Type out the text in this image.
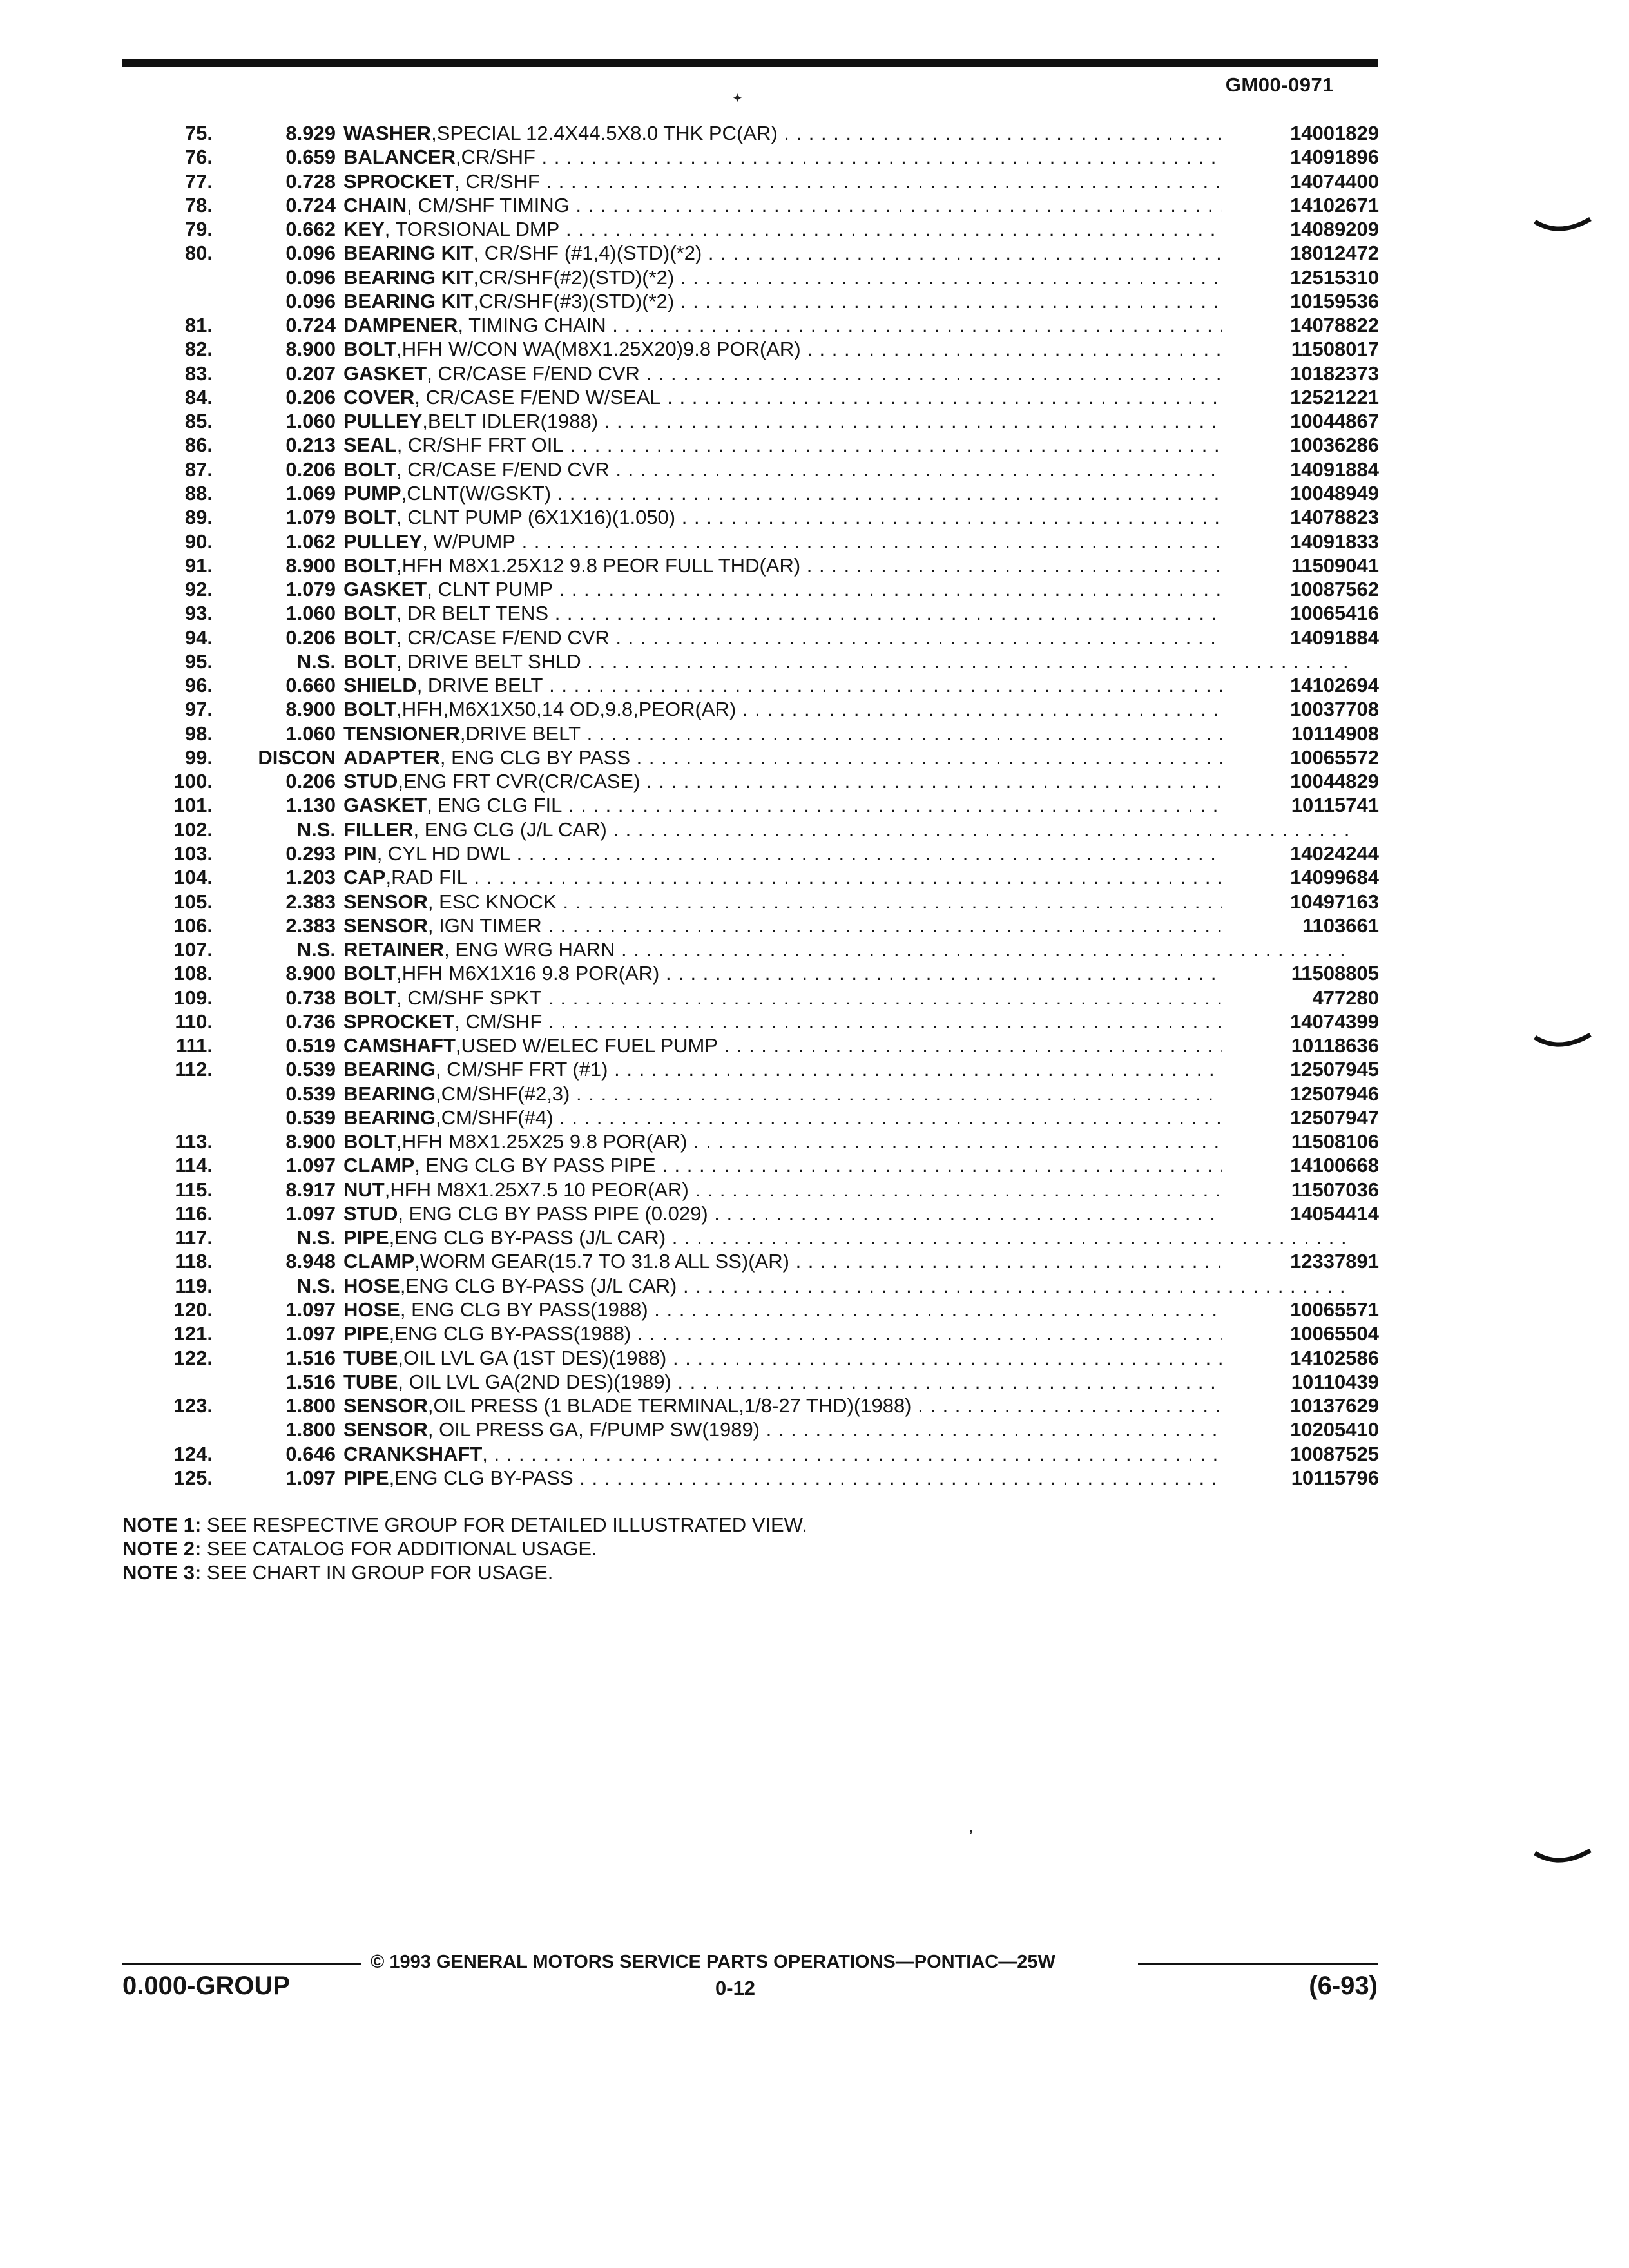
GM00-0971
✦
,
75.	8.929 WASHER,SPECIAL 12.4X44.5X8.0 THK PC(AR) . . .	14001829
76.	0.659 BALANCER,CR/SHF . . .	14091896
77.	0.728 SPROCKET, CR/SHF . . .	14074400
78.	0.724 CHAIN, CM/SHF TIMING . . .	14102671
79.	0.662 KEY, TORSIONAL DMP . . .	14089209
80.	0.096 BEARING KIT, CR/SHF (#1,4)(STD)(*2) . . .	18012472
0.096 BEARING KIT,CR/SHF(#2)(STD)(*2) . . .	12515310
0.096 BEARING KIT,CR/SHF(#3)(STD)(*2) . . .	10159536
81.	0.724 DAMPENER, TIMING CHAIN . . .	14078822
82.	8.900 BOLT,HFH W/CON WA(M8X1.25X20)9.8 POR(AR) . . .	11508017
83.	0.207 GASKET, CR/CASE F/END CVR . . .	10182373
84.	0.206 COVER, CR/CASE F/END W/SEAL . . .	12521221
85.	1.060 PULLEY,BELT IDLER(1988) . . .	10044867
86.	0.213 SEAL, CR/SHF FRT OIL . . .	10036286
87.	0.206 BOLT, CR/CASE F/END CVR . . .	14091884
88.	1.069 PUMP,CLNT(W/GSKT) . . .	10048949
89.	1.079 BOLT, CLNT PUMP (6X1X16)(1.050) . . .	14078823
90.	1.062 PULLEY, W/PUMP . . .	14091833
91.	8.900 BOLT,HFH M8X1.25X12 9.8 PEOR FULL THD(AR) . . .	11509041
92.	1.079 GASKET, CLNT PUMP . . .	10087562
93.	1.060 BOLT, DR BELT TENS . . .	10065416
94.	0.206 BOLT, CR/CASE F/END CVR . . .	14091884
95.	N.S. BOLT, DRIVE BELT SHLD . . .
96.	0.660 SHIELD, DRIVE BELT . . .	14102694
97.	8.900 BOLT,HFH,M6X1X50,14 OD,9.8,PEOR(AR) . . .	10037708
98.	1.060 TENSIONER,DRIVE BELT . . .	10114908
99.	DISCON ADAPTER, ENG CLG BY PASS . . .	10065572
100.	0.206 STUD,ENG FRT CVR(CR/CASE) . . .	10044829
101.	1.130 GASKET, ENG CLG FIL . . .	10115741
102.	N.S. FILLER, ENG CLG (J/L CAR) . . .
103.	0.293 PIN, CYL HD DWL . . .	14024244
104.	1.203 CAP,RAD FIL . . .	14099684
105.	2.383 SENSOR, ESC KNOCK . . .	10497163
106.	2.383 SENSOR, IGN TIMER . . .	1103661
107.	N.S. RETAINER, ENG WRG HARN . . .
108.	8.900 BOLT,HFH M6X1X16 9.8 POR(AR) . . .	11508805
109.	0.738 BOLT, CM/SHF SPKT . . .	477280
110.	0.736 SPROCKET, CM/SHF . . .	14074399
111.	0.519 CAMSHAFT,USED W/ELEC FUEL PUMP . . .	10118636
112.	0.539 BEARING, CM/SHF FRT (#1) . . .	12507945
0.539 BEARING,CM/SHF(#2,3) . . .	12507946
0.539 BEARING,CM/SHF(#4) . . .	12507947
113.	8.900 BOLT,HFH M8X1.25X25 9.8 POR(AR) . . .	11508106
114.	1.097 CLAMP, ENG CLG BY PASS PIPE . . .	14100668
115.	8.917 NUT,HFH M8X1.25X7.5 10 PEOR(AR) . . .	11507036
116.	1.097 STUD, ENG CLG BY PASS PIPE (0.029) . . .	14054414
117.	N.S. PIPE,ENG CLG BY-PASS (J/L CAR) . . .
118.	8.948 CLAMP,WORM GEAR(15.7 TO 31.8 ALL SS)(AR) . . .	12337891
119.	N.S. HOSE,ENG CLG BY-PASS (J/L CAR) . . .
120.	1.097 HOSE, ENG CLG BY PASS(1988) . . .	10065571
121.	1.097 PIPE,ENG CLG BY-PASS(1988) . . .	10065504
122.	1.516 TUBE,OIL LVL GA (1ST DES)(1988) . . .	14102586
1.516 TUBE, OIL LVL GA(2ND DES)(1989) . . .	10110439
123.	1.800 SENSOR,OIL PRESS (1 BLADE TERMINAL,1/8-27 THD)(1988) . . .	10137629
1.800 SENSOR, OIL PRESS GA, F/PUMP SW(1989) . . .	10205410
124.	0.646 CRANKSHAFT, . . .	10087525
125.	1.097 PIPE,ENG CLG BY-PASS . . .	10115796
NOTE 1: SEE RESPECTIVE GROUP FOR DETAILED ILLUSTRATED VIEW.
NOTE 2: SEE CATALOG FOR ADDITIONAL USAGE.
NOTE 3: SEE CHART IN GROUP FOR USAGE.
© 1993 GENERAL MOTORS SERVICE PARTS OPERATIONS—PONTIAC—25W
0.000-GROUP	0-12	(6-93)
